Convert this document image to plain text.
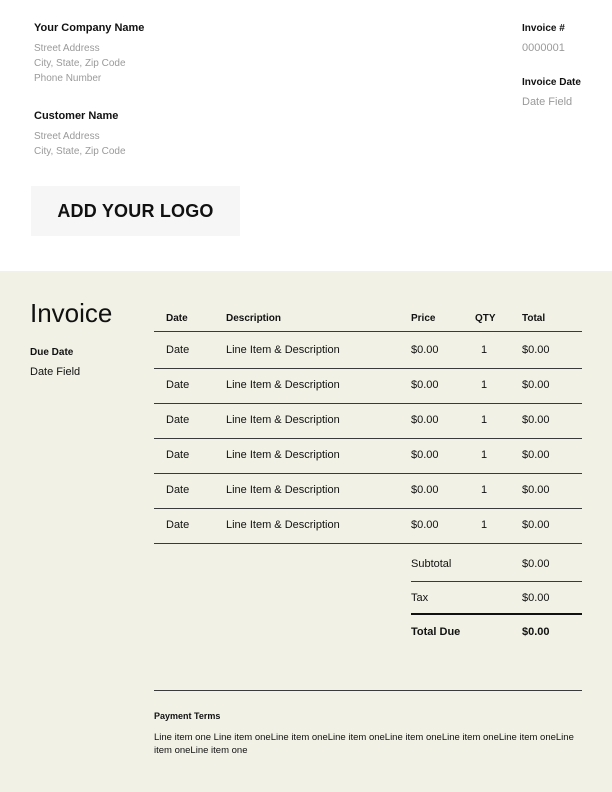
Your Company Name
Street Address
City, State, Zip Code
Phone Number
Customer Name
Street Address
City, State, Zip Code
Invoice #
0000001
Invoice Date
Date Field
ADD YOUR LOGO
Invoice
Due Date
Date Field
Date	Description	Price	QTY	Total
Date	Line Item & Description	$0.00	1	$0.00
Date	Line Item & Description	$0.00	1	$0.00
Date	Line Item & Description	$0.00	1	$0.00
Date	Line Item & Description	$0.00	1	$0.00
Date	Line Item & Description	$0.00	1	$0.00
Date	Line Item & Description	$0.00	1	$0.00
Subtotal	$0.00
Tax	$0.00
Total Due	$0.00
Payment Terms
Line item one Line item oneLine item oneLine item oneLine item oneLine item oneLine item oneLine item oneLine item one
